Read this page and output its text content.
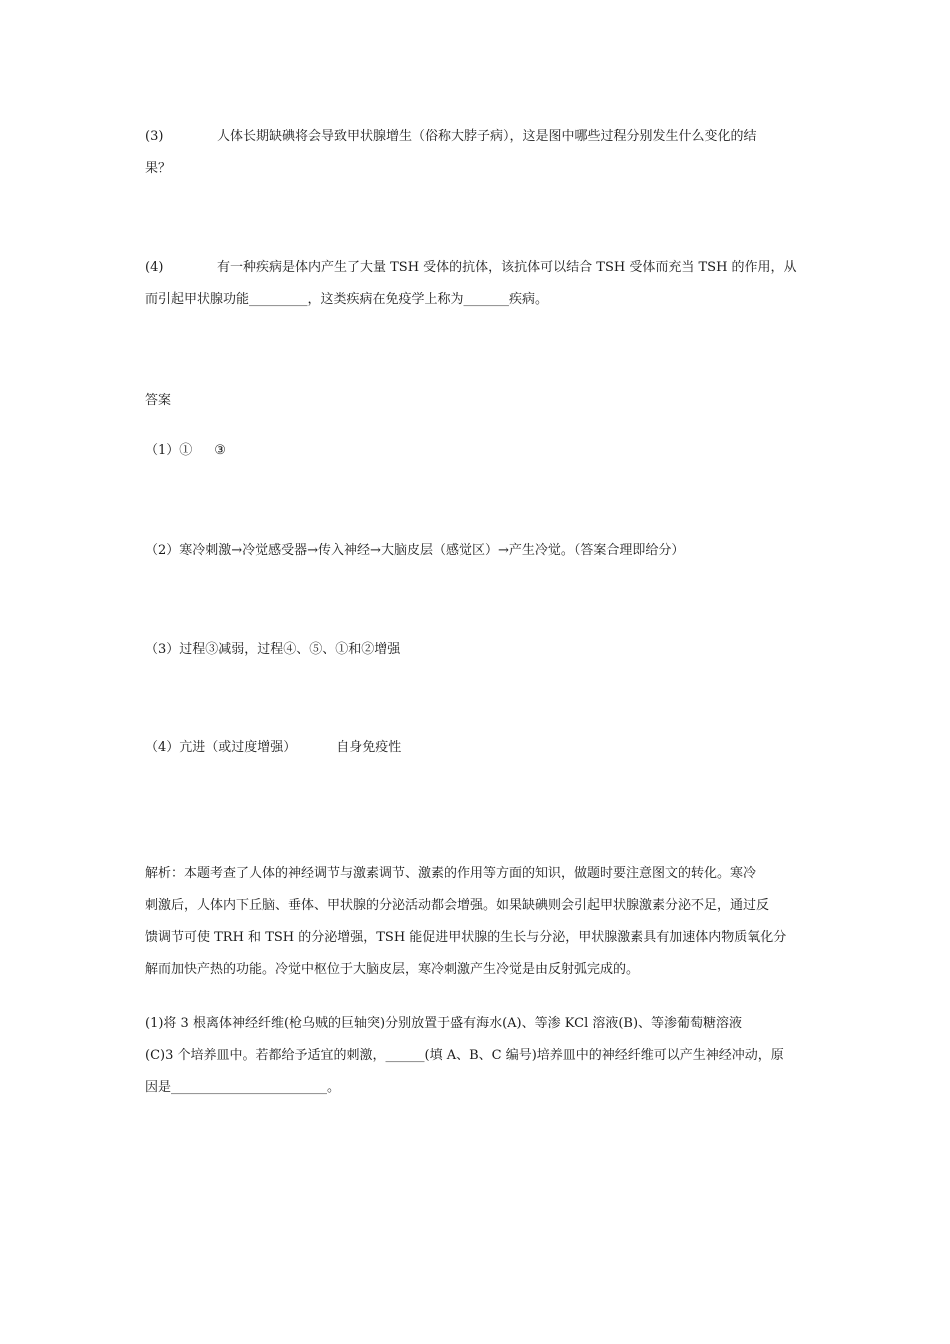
(3)	人体长期缺碘将会导致甲状腺增生（俗称大脖子病），这是图中哪些过程分别发生什么变化的结
果？
(4)	有一种疾病是体内产生了大量 TSH 受体的抗体，该抗体可以结合 TSH 受体而充当 TSH 的作用，从
而引起甲状腺功能_________，这类疾病在免疫学上称为_______疾病。
答案
（1）① ③
（2）寒冷刺激→冷觉感受器→传入神经→大脑皮层（感觉区）→产生冷觉。（答案合理即给分）
（3）过程③减弱，过程④、⑤、①和②增强
（4）亢进（或过度增强）	自身免疫性
解析：本题考查了人体的神经调节与激素调节、激素的作用等方面的知识，做题时要注意图文的转化。寒冷
刺激后，人体内下丘脑、垂体、甲状腺的分泌活动都会增强。如果缺碘则会引起甲状腺激素分泌不足，通过反
馈调节可使 TRH 和 TSH 的分泌增强，TSH 能促进甲状腺的生长与分泌，甲状腺激素具有加速体内物质氧化分
解而加快产热的功能。冷觉中枢位于大脑皮层，寒冷刺激产生冷觉是由反射弧完成的。
(1)将 3 根离体神经纤维(枪乌贼的巨轴突)分别放置于盛有海水(A)、等渗 KCl 溶液(B)、等渗葡萄糖溶液
(C)3 个培养皿中。若都给予适宜的刺激，______(填 A、B、C 编号)培养皿中的神经纤维可以产生神经冲动，原
因是________________________。
